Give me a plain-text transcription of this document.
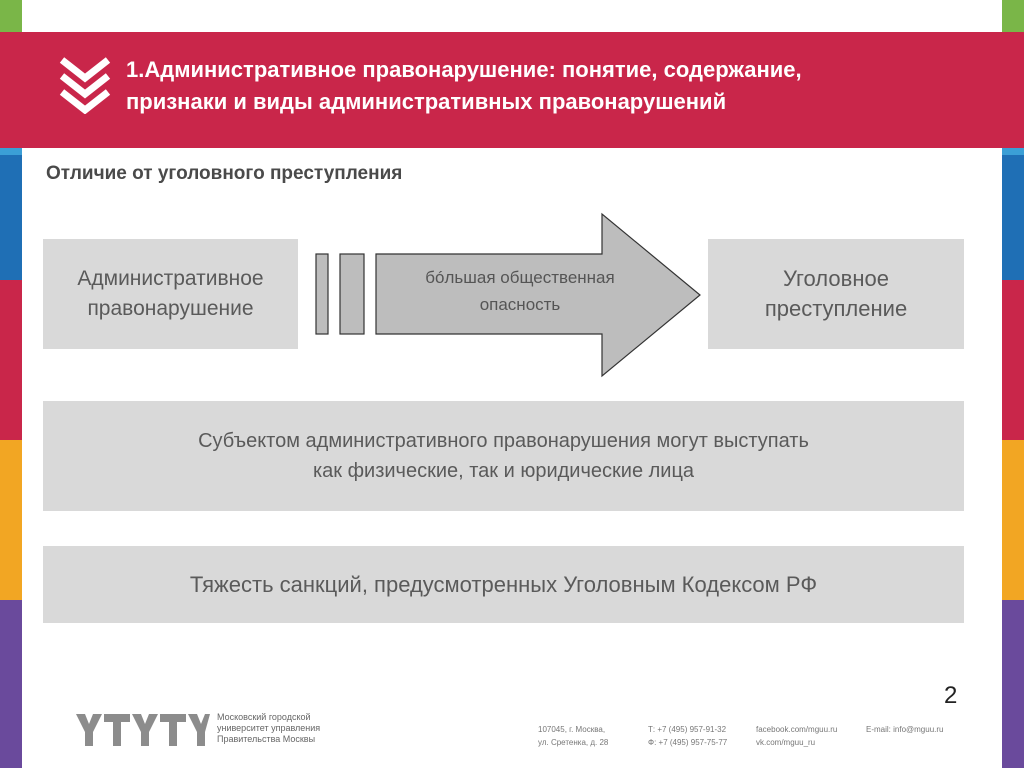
1.Административное правонарушение: понятие, содержание,
признаки и виды административных правонарушений
Отличие от уголовного преступления
Административное
правонарушение
бóльшая общественная
опасность
Уголовное
преступление
Субъектом административного правонарушения могут выступать
как физические, так и юридические лица
Тяжесть санкций, предусмотренных Уголовным Кодексом РФ
2
Московский городской
университет управления
Правительства Москвы
107045, г. Москва,
ул. Сретенка, д. 28
Т: +7 (495) 957-91-32
Ф: +7 (495) 957-75-77
facebook.com/mguu.ru
vk.com/mguu_ru
E-mail: info@mguu.ru
